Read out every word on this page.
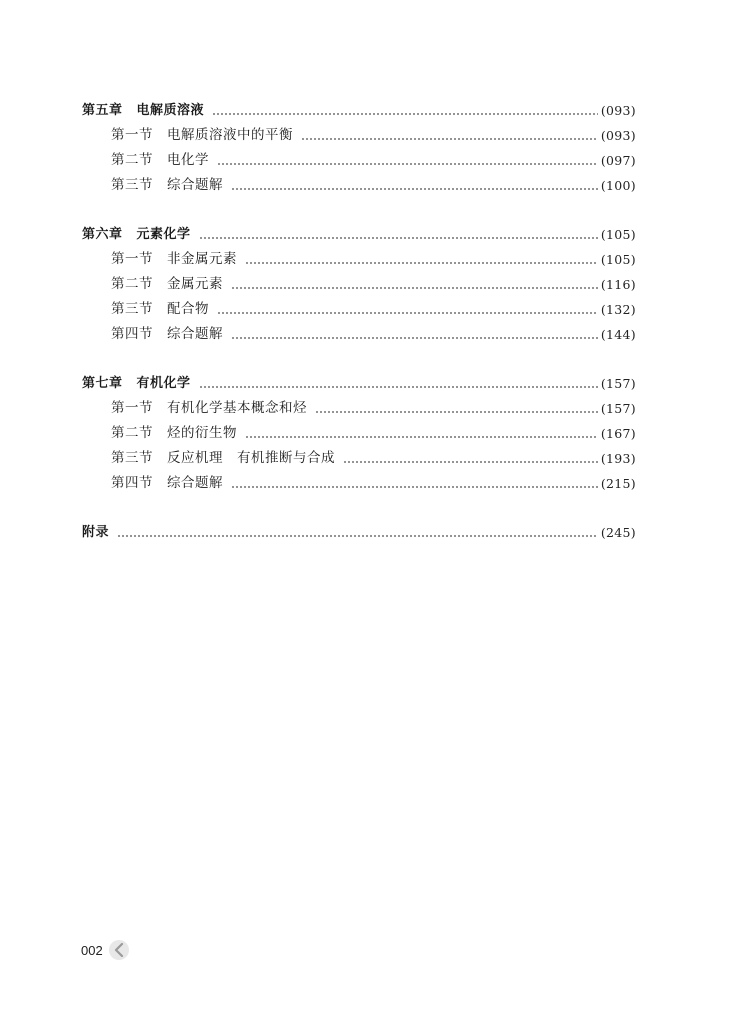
第五章 电解质溶液	(093)
第一节 电解质溶液中的平衡	(093)
第二节 电化学	(097)
第三节 综合题解	(100)
第六章 元素化学	(105)
第一节 非金属元素	(105)
第二节 金属元素	(116)
第三节 配合物	(132)
第四节 综合题解	(144)
第七章 有机化学	(157)
第一节 有机化学基本概念和烃	(157)
第二节 烃的衍生物	(167)
第三节 反应机理　有机推断与合成	(193)
第四节 综合题解	(215)
附录	(245)
002
